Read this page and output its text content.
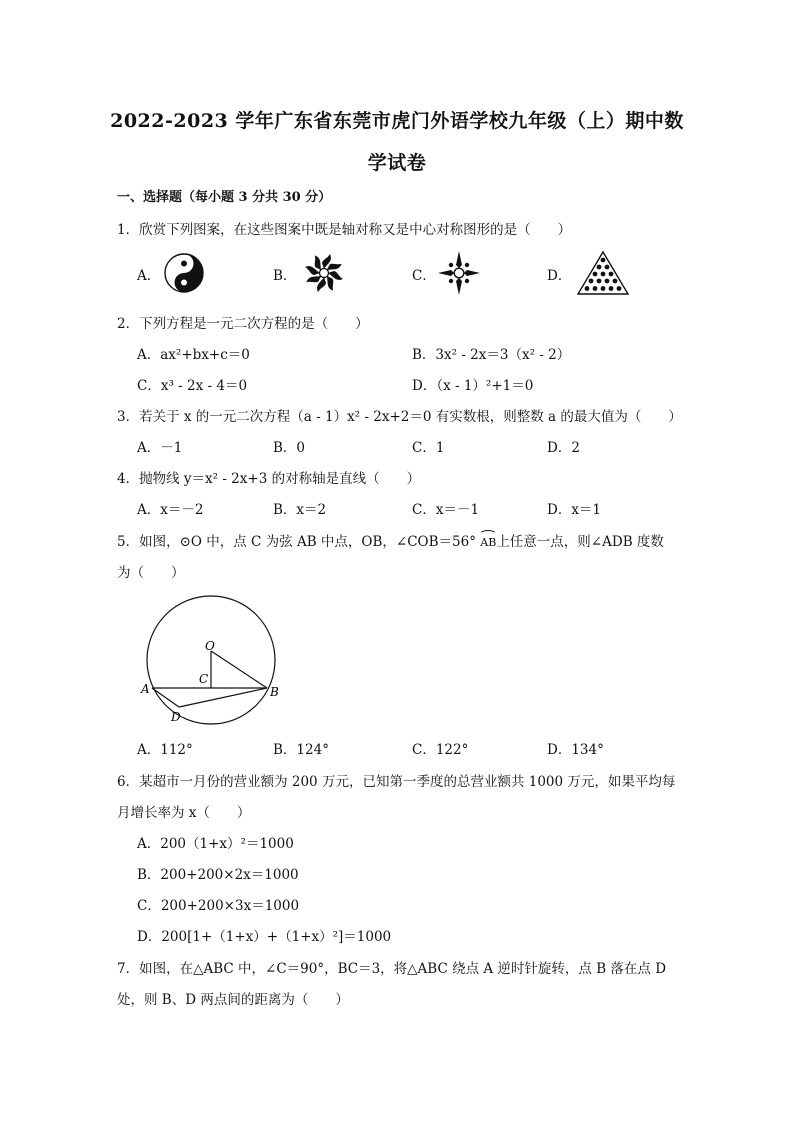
2022-2023 学年广东省东莞市虎门外语学校九年级（上）期中数
学试卷
一、选择题（每小题 3 分共 30 分）
1．欣赏下列图案，在这些图案中既是轴对称又是中心对称图形的是（　　）
A．	B．	C．	D．
2．下列方程是一元二次方程的是（　　）
A．ax²+bx+c＝0	B．3x² - 2x＝3（x² - 2）
C．x³ - 2x - 4＝0	D．（x - 1）²+1＝0
3．若关于 x 的一元二次方程（a - 1）x² - 2x+2＝0 有实数根，则整数 a 的最大值为（　　）
A．－1	B．0	C．1	D．2
4．抛物线 y＝x² - 2x+3 的对称轴是直线（　　）
A．x＝－2	B．x＝2	C．x＝－1	D．x＝1
5．如图，⊙O 中，点 C 为弦 AB 中点，OB，∠COB＝56° AB上任意一点，则∠ADB 度数
为（　　）
O
C
A	B
D
A．112°	B．124°	C．122°	D．134°
6．某超市一月份的营业额为 200 万元，已知第一季度的总营业额共 1000 万元，如果平均每
月增长率为 x（　　）
A．200（1+x）²＝1000
B．200+200×2x＝1000
C．200+200×3x＝1000
D．200[1+（1+x）+（1+x）²]＝1000
7．如图，在△ABC 中，∠C＝90°，BC＝3，将△ABC 绕点 A 逆时针旋转，点 B 落在点 D
处，则 B、D 两点间的距离为（　　）
